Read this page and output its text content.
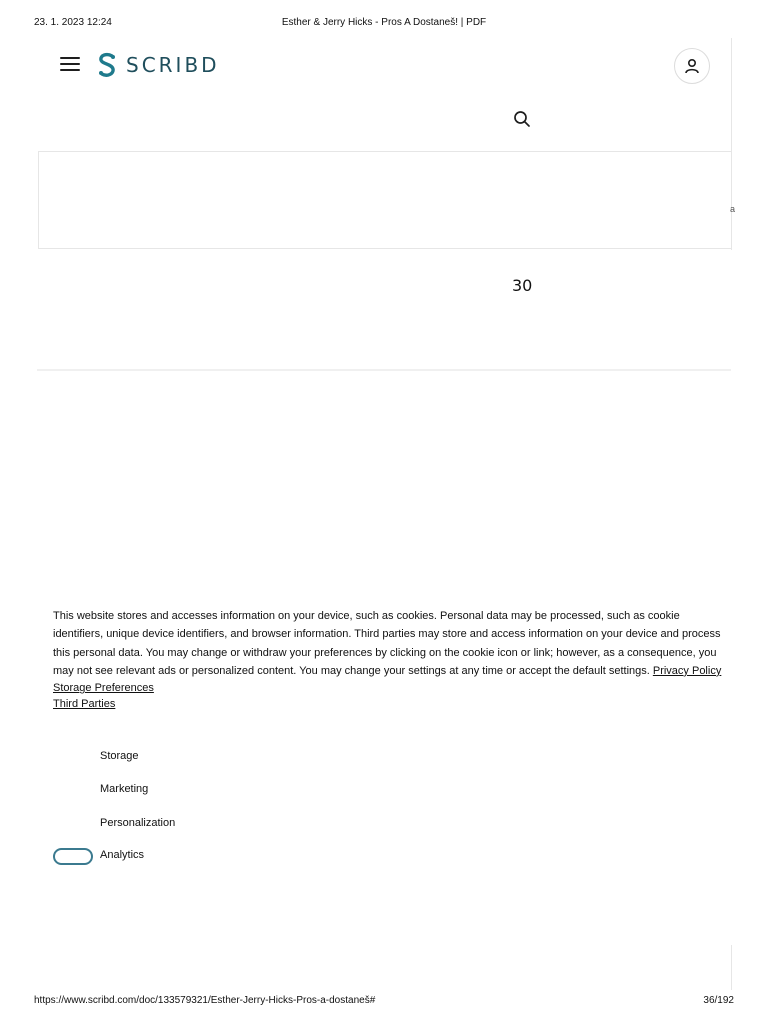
23. 1. 2023 12:24	Esther & Jerry Hicks - Pros A Dostaneš! | PDF
SCRIBD
a
30

This website stores and accesses information on your device, such as cookies. Personal data may be processed, such as cookie identifiers, unique device identifiers, and browser information. Third parties may store and access information on your device and process this personal data. You may change or withdraw your preferences by clicking on the cookie icon or link; however, as a consequence, you may not see relevant ads or personalized content. You may change your settings at any time or accept the default settings. Privacy Policy

Storage Preferences
Third Parties
Storage
Marketing
Personalization
Analytics
https://www.scribd.com/doc/133579321/Esther-Jerry-Hicks-Pros-a-dostaneš#	36/192
